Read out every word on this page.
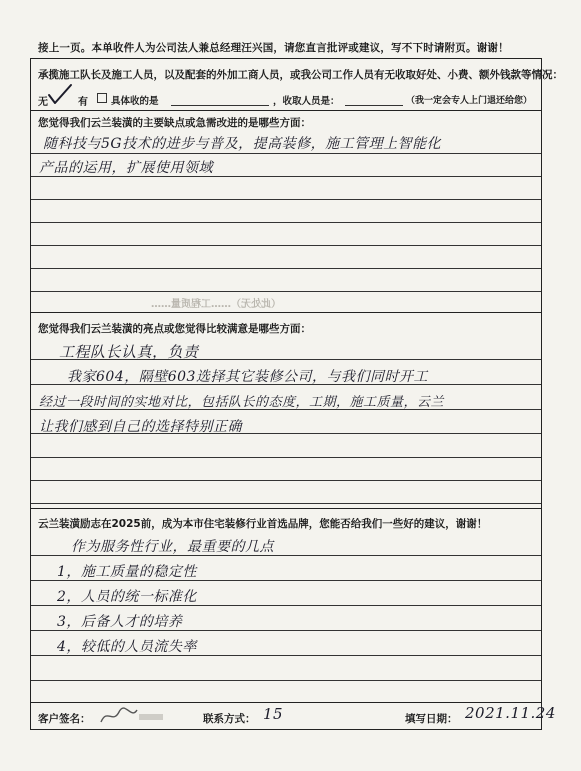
接上一页。本单收件人为公司法人兼总经理汪兴国，请您直言批评或建议，写不下时请附页。谢谢！
承揽施工队长及施工人员，以及配套的外加工商人员，或我公司工作人员有无收取好处、小费、额外钱款等情况：
无	有 具体收的是	，收取人员是：	（我一定会专人上门退还给您）
您觉得我们云兰装潢的主要缺点或急需改进的是哪些方面：
随科技与5G技术的进步与普及，提高装修，施工管理上智能化
产品的运用，扩展使用领域
（此处无）……工程质量……
您觉得我们云兰装潢的亮点或您觉得比较满意是哪些方面：
工程队长认真，负责
我家604，隔壁603选择其它装修公司，与我们同时开工
经过一段时间的实地对比，包括队长的态度，工期，施工质量，云兰
让我们感到自己的选择特别正确
云兰装潢励志在2025前，成为本市住宅装修行业首选品牌，您能否给我们一些好的建议，谢谢！
作为服务性行业，最重要的几点
1，施工质量的稳定性
2，人员的统一标准化
3，后备人才的培养
4，较低的人员流失率
客户签名：	联系方式： 15	填写日期： 2021.11.24
